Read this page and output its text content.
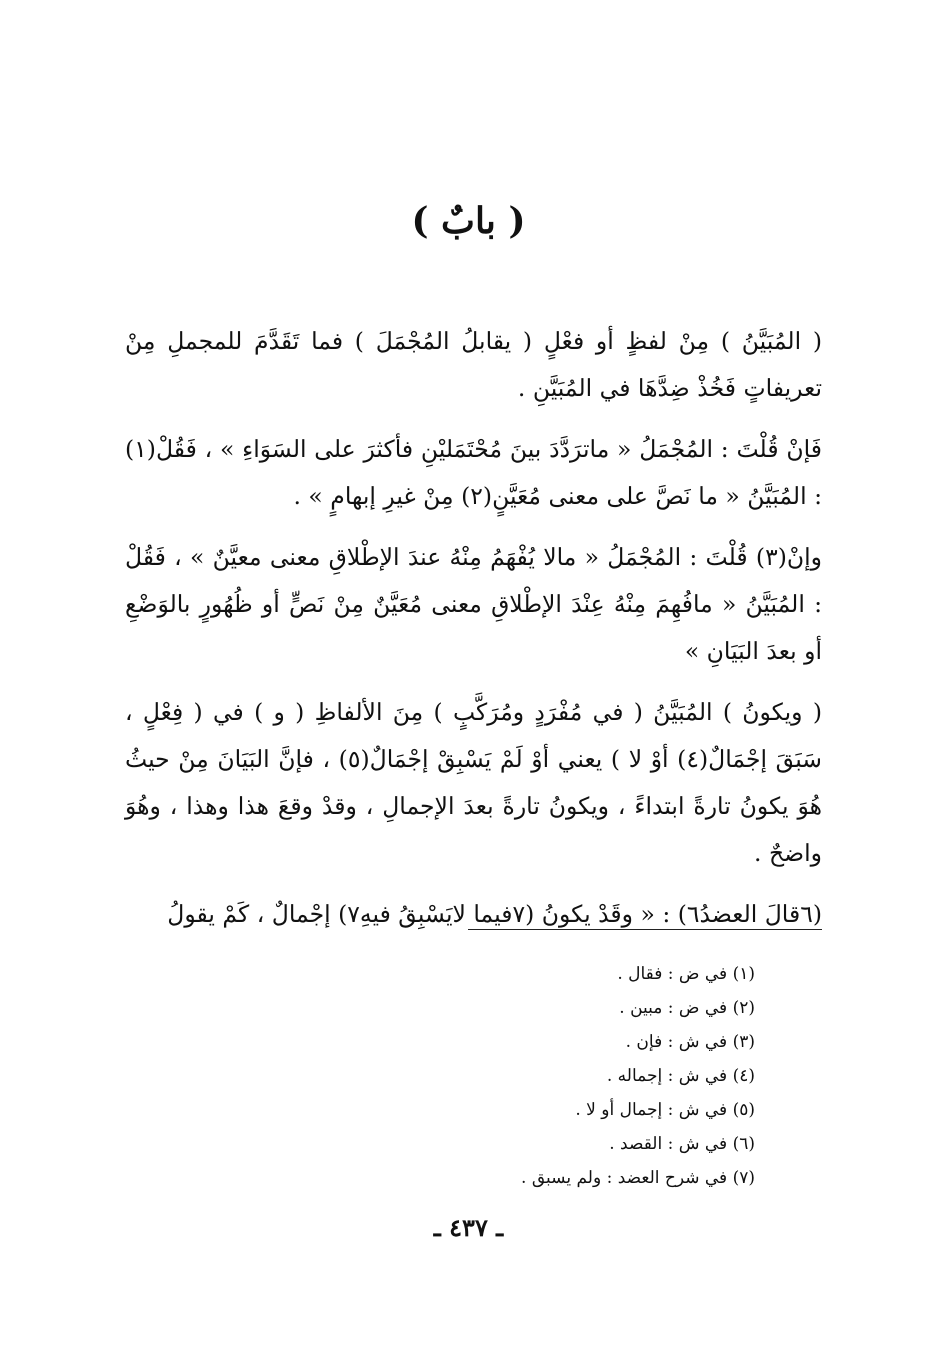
( بابٌ )

( المُبَيَّنُ ) مِنْ لفظٍ أو فعْلٍ ( يقابلُ المُجْمَلَ ) فما تَقَدَّمَ للمجملِ مِنْ تعريفاتٍ فَخُذْ ضِدَّهَا في المُبَيَّنِ .

فَإنْ قُلْتَ : المُجْمَلُ « ماترَدَّدَ بينَ مُحْتَمَليْنِ فأكثرَ على السَوَاءِ » ، فَقُلْ(١) : المُبَيَّنُ « ما نَصَّ على معنى مُعَيَّنٍ(٢) مِنْ غيرِ إبهامٍ » .

وإنْ(٣) قُلْتَ : المُجْمَلُ « مالا يُفْهَمُ مِنْهُ عندَ الإطْلاقِ معنى معيَّنٌ » ، فَقُلْ : المُبَيَّنُ « مافُهِمَ مِنْهُ عِنْدَ الإطْلاقِ معنى مُعَيَّنٌ مِنْ نَصٍّ أو ظُهُورٍ بالوَضْعِ أو بعدَ البَيَانِ »

( ويكونُ ) المُبَيَّنُ ( في مُفْرَدٍ ومُرَكَّبٍ ) مِنَ الألفاظِ ( و ) في ( فِعْلٍ ، سَبَقَ إجْمَالٌ(٤) أوْ لا ) يعني أوْ لَمْ يَسْبِقْ إجْمَالٌ(٥) ، فإنَّ البَيَانَ مِنْ حيثُ هُوَ يكونُ تارةً ابتداءً ، ويكونُ تارةً بعدَ الإجمالِ ، وقدْ وقعَ هذا وهذا ، وهُوَ واضحٌ .

(٦قالَ العضدُ٦) : « وقَدْ يكونُ (٧فيما لايَسْبِقُ فيهِ٧) إجْمالٌ ، كَمْ يقولُ

(١) في ض : فقال .
(٢) في ض : مبين .
(٣) في ش : فإن .
(٤) في ش : إجماله .
(٥) في ش : إجمال أو لا .
(٦) في ش : القصد .
(٧) في شرح العضد : ولم يسبق .
ـ ٤٣٧ ـ
